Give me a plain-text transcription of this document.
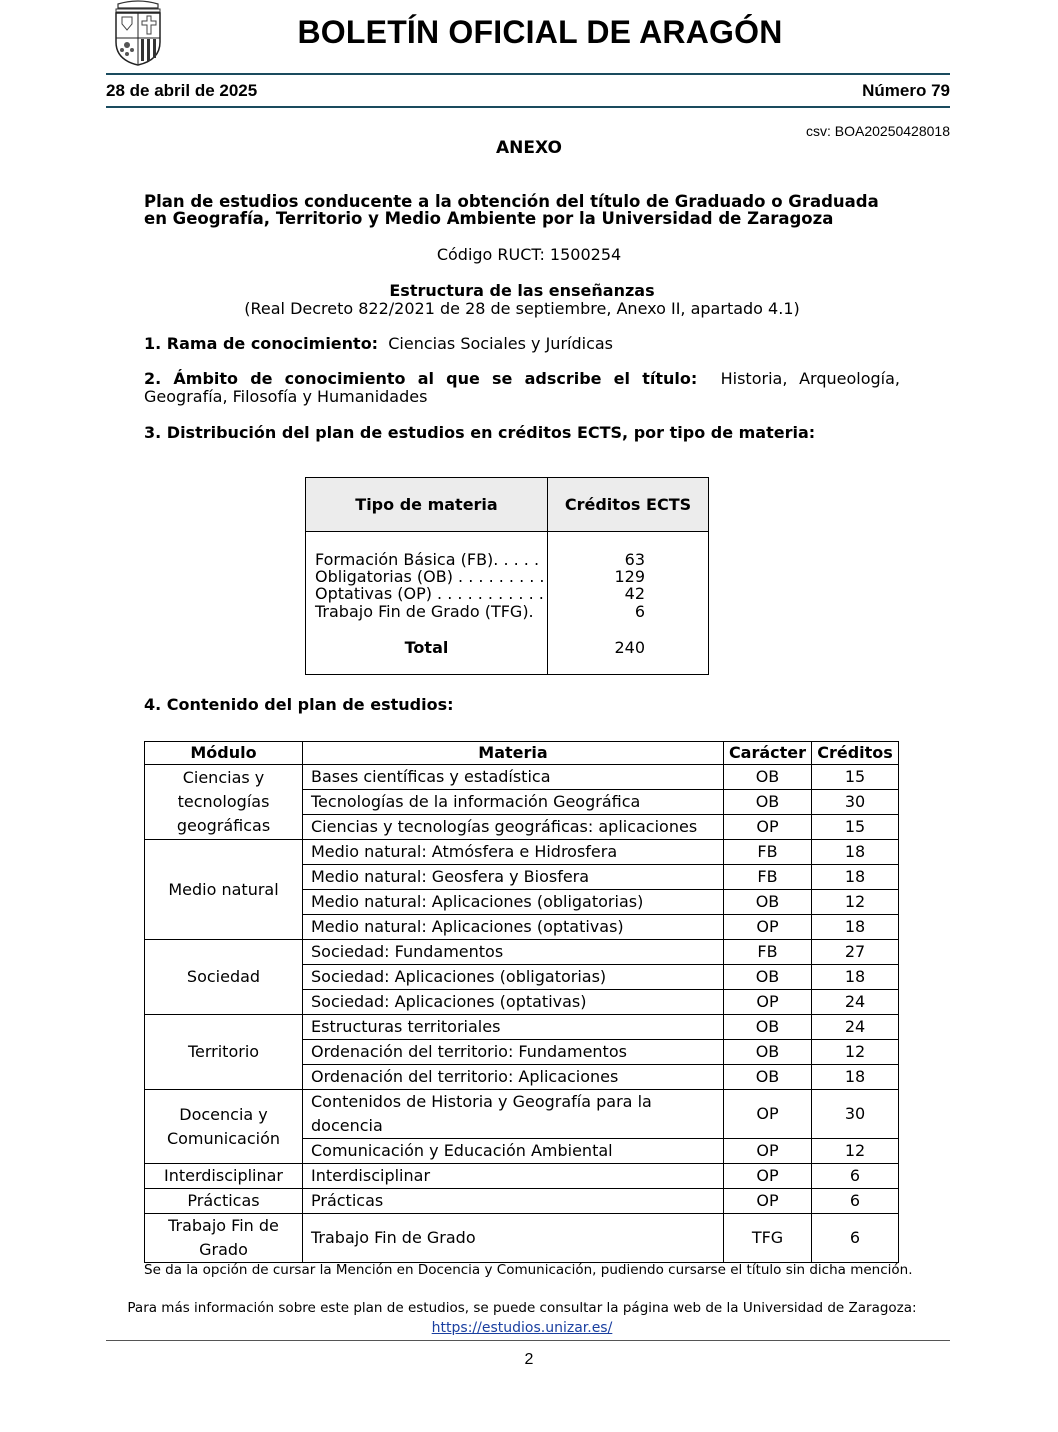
BOLETÍN OFICIAL DE ARAGÓN
28 de abril de 2025	Número 79
csv: BOA20250428018
ANEXO
Plan de estudios conducente a la obtención del título de Graduado o Graduada en Geografía, Territorio y Medio Ambiente por la Universidad de Zaragoza
Código RUCT: 1500254
Estructura de las enseñanzas
(Real Decreto 822/2021 de 28 de septiembre, Anexo II, apartado 4.1)
1. Rama de conocimiento: Ciencias Sociales y Jurídicas
2. Ámbito de conocimiento al que se adscribe el título: Historia, Arqueología, Geografía, Filosofía y Humanidades
3. Distribución del plan de estudios en créditos ECTS, por tipo de materia:
Tipo de materia	Créditos ECTS
Formación Básica (FB). . . . .	63
Obligatorias (OB) . . . . . . . . .	129
Optativas (OP) . . . . . . . . . . .	42
Trabajo Fin de Grado (TFG).	6
Total	240
4. Contenido del plan de estudios:
Módulo	Materia	Carácter	Créditos
Ciencias y tecnologías geográficas	Bases científicas y estadística	OB	15
	Tecnologías de la información Geográfica	OB	30
	Ciencias y tecnologías geográficas: aplicaciones	OP	15
Medio natural	Medio natural: Atmósfera e Hidrosfera	FB	18
	Medio natural: Geosfera y Biosfera	FB	18
	Medio natural: Aplicaciones (obligatorias)	OB	12
	Medio natural: Aplicaciones (optativas)	OP	18
Sociedad	Sociedad: Fundamentos	FB	27
	Sociedad: Aplicaciones (obligatorias)	OB	18
	Sociedad: Aplicaciones (optativas)	OP	24
Territorio	Estructuras territoriales	OB	24
	Ordenación del territorio: Fundamentos	OB	12
	Ordenación del territorio: Aplicaciones	OB	18
Docencia y Comunicación	Contenidos de Historia y Geografía para la docencia	OP	30
	Comunicación y Educación Ambiental	OP	12
Interdisciplinar	Interdisciplinar	OP	6
Prácticas	Prácticas	OP	6
Trabajo Fin de Grado	Trabajo Fin de Grado	TFG	6
Se da la opción de cursar la Mención en Docencia y Comunicación, pudiendo cursarse el título sin dicha mención.
Para más información sobre este plan de estudios, se puede consultar la página web de la Universidad de Zaragoza:
https://estudios.unizar.es/
2
